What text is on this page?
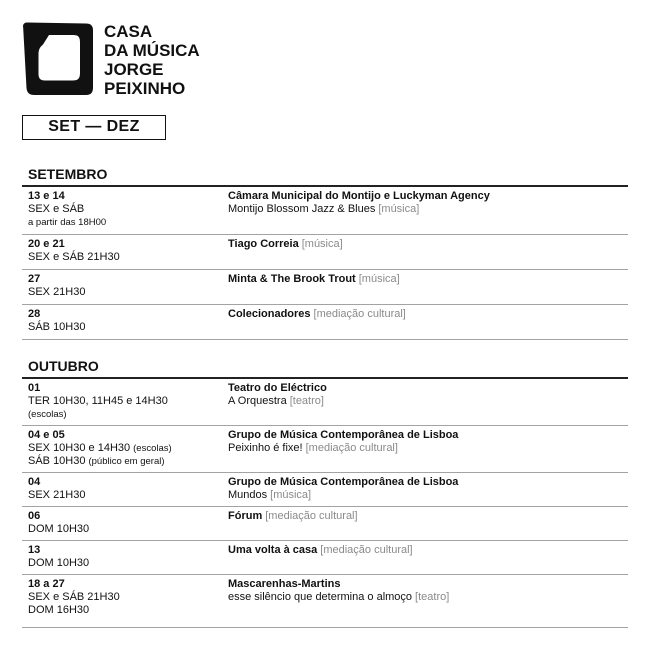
CASA
DA MÚSICA
JORGE
PEIXINHO
SET — DEZ
SETEMBRO
13 e 14
SEX e SÁB
a partir das 18H00
Câmara Municipal do Montijo e Luckyman Agency
Montijo Blossom Jazz & Blues [música]
20 e 21
SEX e SÁB 21H30
Tiago Correia [música]
27
SEX 21H30
Minta & The Brook Trout [música]
28
SÁB 10H30
Colecionadores [mediação cultural]
OUTUBRO
01
TER 10H30, 11H45 e 14H30
(escolas)
Teatro do Eléctrico
A Orquestra [teatro]
04 e 05
SEX 10H30 e 14H30 (escolas)
SÁB 10H30 (público em geral)
Grupo de Música Contemporânea de Lisboa
Peixinho é fixe! [mediação cultural]
04
SEX 21H30
Grupo de Música Contemporânea de Lisboa
Mundos [música]
06
DOM 10H30
Fórum [mediação cultural]
13
DOM 10H30
Uma volta à casa [mediação cultural]
18 a 27
SEX e SÁB 21H30
DOM 16H30
Mascarenhas-Martins
esse silêncio que determina o almoço [teatro]
